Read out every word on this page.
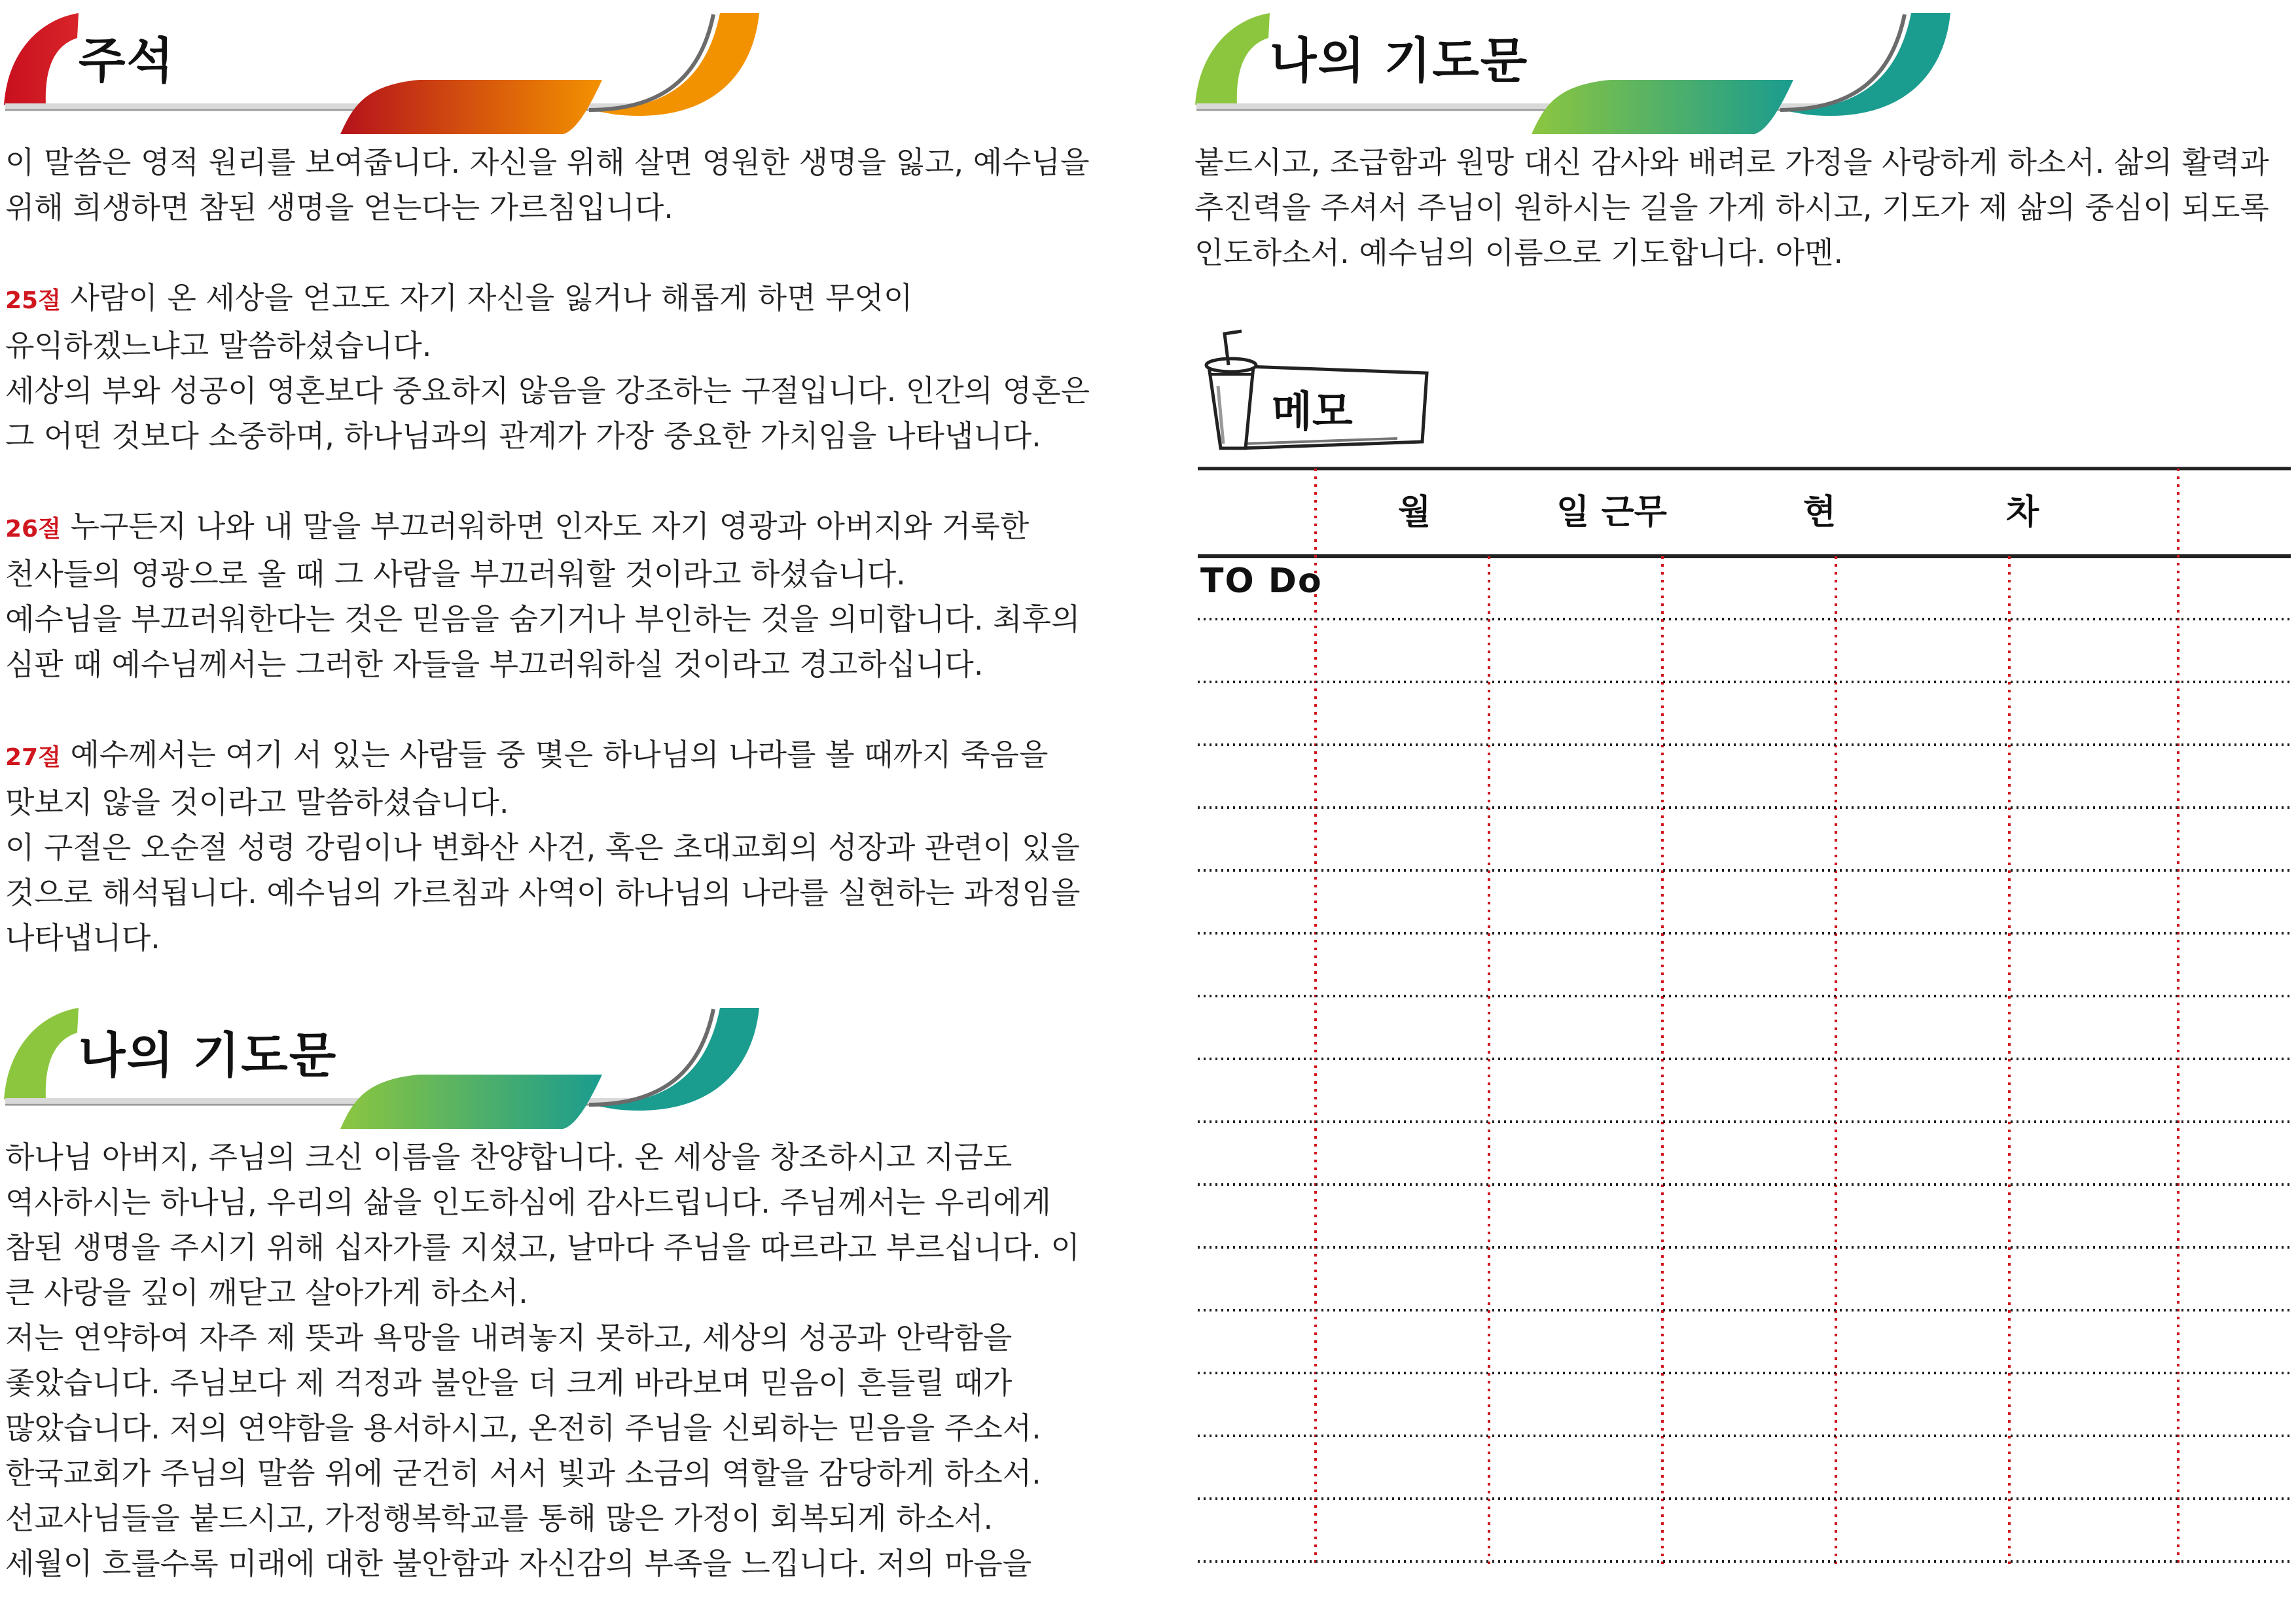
주석
이 말씀은 영적 원리를 보여줍니다. 자신을 위해 살면 영원한 생명을 잃고, 예수님을
위해 희생하면 참된 생명을 얻는다는 가르침입니다.
25절 사람이 온 세상을 얻고도 자기 자신을 잃거나 해롭게 하면 무엇이
유익하겠느냐고 말씀하셨습니다.
세상의 부와 성공이 영혼보다 중요하지 않음을 강조하는 구절입니다. 인간의 영혼은
그 어떤 것보다 소중하며, 하나님과의 관계가 가장 중요한 가치임을 나타냅니다.
26절 누구든지 나와 내 말을 부끄러워하면 인자도 자기 영광과 아버지와 거룩한
천사들의 영광으로 올 때 그 사람을 부끄러워할 것이라고 하셨습니다.
예수님을 부끄러워한다는 것은 믿음을 숨기거나 부인하는 것을 의미합니다. 최후의
심판 때 예수님께서는 그러한 자들을 부끄러워하실 것이라고 경고하십니다.
27절 예수께서는 여기 서 있는 사람들 중 몇은 하나님의 나라를 볼 때까지 죽음을
맛보지 않을 것이라고 말씀하셨습니다.
이 구절은 오순절 성령 강림이나 변화산 사건, 혹은 초대교회의 성장과 관련이 있을
것으로 해석됩니다. 예수님의 가르침과 사역이 하나님의 나라를 실현하는 과정임을
나타냅니다.
나의 기도문
하나님 아버지, 주님의 크신 이름을 찬양합니다. 온 세상을 창조하시고 지금도
역사하시는 하나님, 우리의 삶을 인도하심에 감사드립니다. 주님께서는 우리에게
참된 생명을 주시기 위해 십자가를 지셨고, 날마다 주님을 따르라고 부르십니다. 이
큰 사랑을 깊이 깨닫고 살아가게 하소서.
저는 연약하여 자주 제 뜻과 욕망을 내려놓지 못하고, 세상의 성공과 안락함을
좇았습니다. 주님보다 제 걱정과 불안을 더 크게 바라보며 믿음이 흔들릴 때가
많았습니다. 저의 연약함을 용서하시고, 온전히 주님을 신뢰하는 믿음을 주소서.
한국교회가 주님의 말씀 위에 굳건히 서서 빛과 소금의 역할을 감당하게 하소서.
선교사님들을 붙드시고, 가정행복학교를 통해 많은 가정이 회복되게 하소서.
세월이 흐를수록 미래에 대한 불안함과 자신감의 부족을 느낍니다. 저의 마음을
나의 기도문
붙드시고, 조급함과 원망 대신 감사와 배려로 가정을 사랑하게 하소서. 삶의 활력과
추진력을 주셔서 주님이 원하시는 길을 가게 하시고, 기도가 제 삶의 중심이 되도록
인도하소서. 예수님의 이름으로 기도합니다. 아멘.
메모
월	일 근무	현	차
TO Do
